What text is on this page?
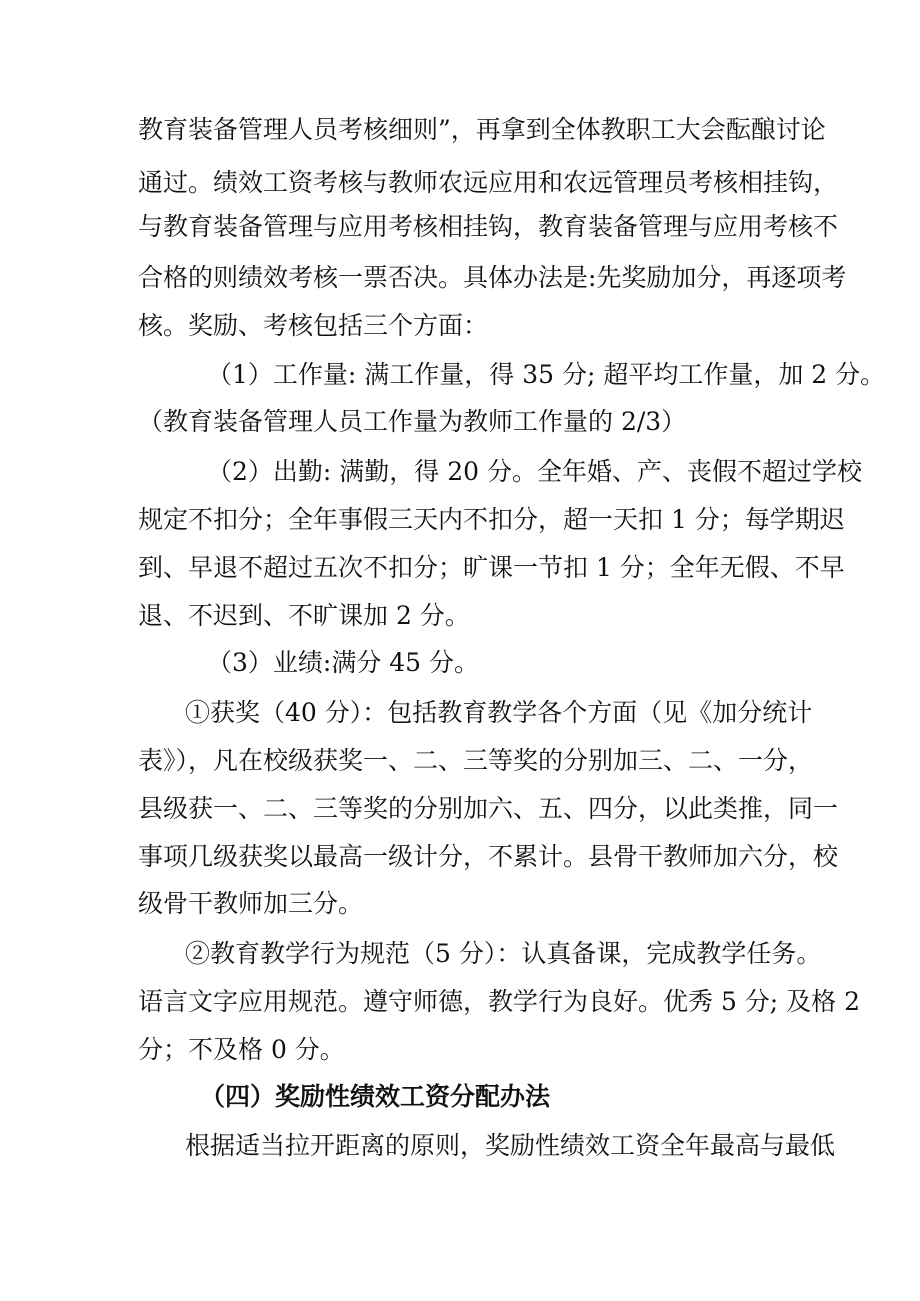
教育装备管理人员考核细则”，再拿到全体教职工大会酝酿讨论
通过。绩效工资考核与教师农远应用和农远管理员考核相挂钩，
与教育装备管理与应用考核相挂钩，教育装备管理与应用考核不
合格的则绩效考核一票否决。具体办法是:先奖励加分，再逐项考
核。奖励、考核包括三个方面：
（1）工作量: 满工作量，得 35 分; 超平均工作量，加 2 分。
（教育装备管理人员工作量为教师工作量的 2/3）
（2）出勤: 满勤，得 20 分。全年婚、产、丧假不超过学校
规定不扣分；全年事假三天内不扣分，超一天扣 1 分；每学期迟
到、早退不超过五次不扣分；旷课一节扣 1 分；全年无假、不早
退、不迟到、不旷课加 2 分。
（3）业绩:满分 45 分。
①获奖（40 分）：包括教育教学各个方面（见《加分统计
表》），凡在校级获奖一、二、三等奖的分别加三、二、一分，
县级获一、二、三等奖的分别加六、五、四分，以此类推，同一
事项几级获奖以最高一级计分，不累计。县骨干教师加六分，校
级骨干教师加三分。
②教育教学行为规范（5 分）：认真备课，完成教学任务。
语言文字应用规范。遵守师德，教学行为良好。优秀 5 分; 及格 2
分；不及格 0 分。
（四）奖励性绩效工资分配办法
根据适当拉开距离的原则，奖励性绩效工资全年最高与最低
